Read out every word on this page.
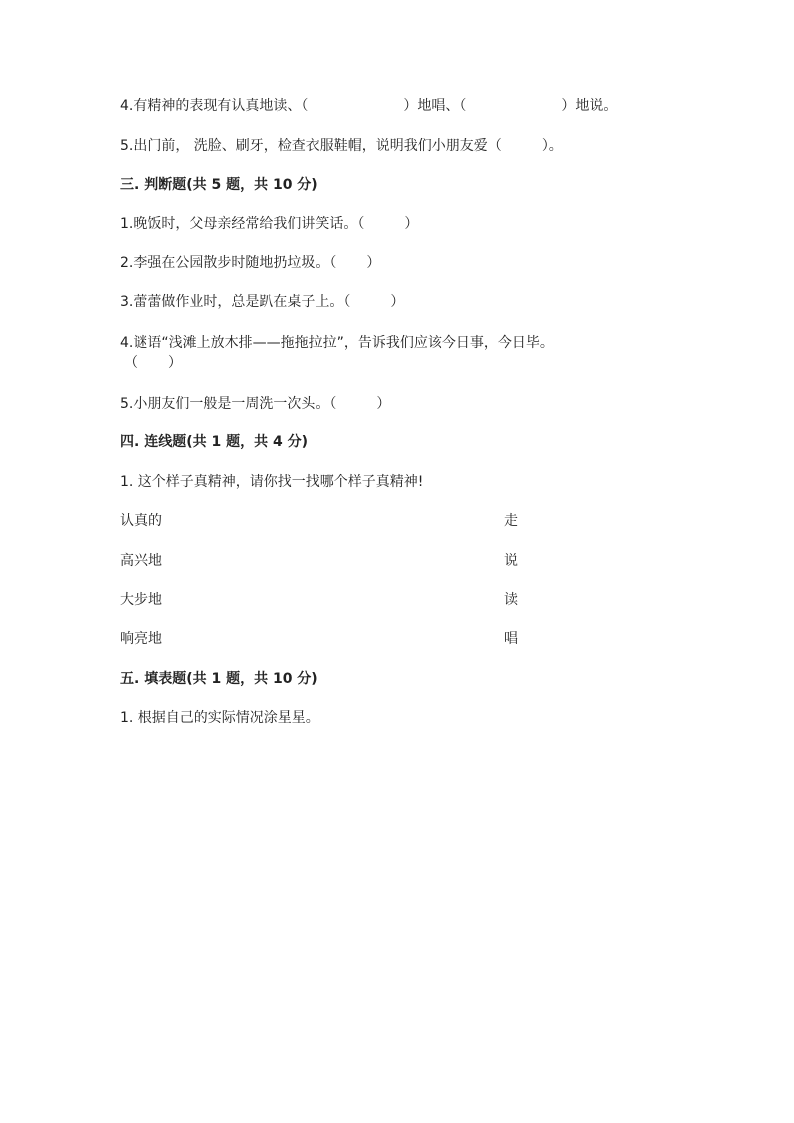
4.有精神的表现有认真地读、（	）地唱、（	）地说。
5.出门前， 洗脸、刷牙，检查衣服鞋帽，说明我们小朋友爱（	）。
三. 判断题(共 5 题，共 10 分)
1.晚饭时，父母亲经常给我们讲笑话。（	）
2.李强在公园散步时随地扔垃圾。（ ）
3.蕾蕾做作业时，总是趴在桌子上。（	）
4.谜语“浅滩上放木排——拖拖拉拉”，告诉我们应该今日事，今日毕。
（ ）
5.小朋友们一般是一周洗一次头。（	）
四. 连线题(共 1 题，共 4 分)
1. 这个样子真精神，请你找一找哪个样子真精神!
认真的	走
高兴地	说
大步地	读
响亮地	唱
五. 填表题(共 1 题，共 10 分)
1. 根据自己的实际情况涂星星。
